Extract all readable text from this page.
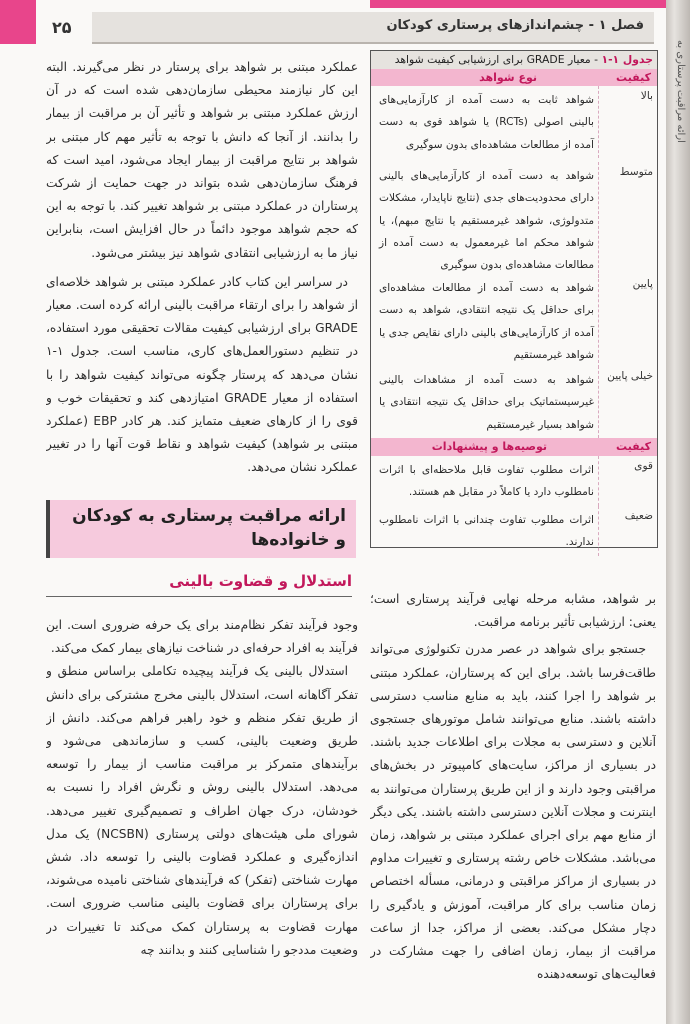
۲۵	فصل ۱ - چشم‌اندازهای پرستاری کودکان

عملکرد مبتنی بر شواهد برای پرستار در نظر می‌گیرند. البته این کار نیازمند محیطی سازمان‌دهی شده است که در آن ارزش عملکرد مبتنی بر شواهد و تأثیر آن بر مراقبت از بیمار را بدانند. از آنجا که دانش با توجه به تأثیر مهم کار مبتنی بر شواهد بر نتایج مراقبت از بیمار ایجاد می‌شود، امید است که فرهنگ سازمان‌دهی شده بتواند در جهت حمایت از شرکت پرستاران در عملکرد مبتنی بر شواهد تغییر کند. با توجه به این که حجم شواهد موجود دائماً در حال افزایش است، بنابراین نیاز ما به ارزشیابی انتقادی شواهد نیز بیشتر می‌شود.

در سراسر این کتاب کادر عملکرد مبتنی بر شواهد خلاصه‌ای از شواهد را برای ارتقاء مراقبت بالینی ارائه کرده است. معیار GRADE برای ارزشیابی کیفیت مقالات تحقیقی مورد استفاده، در تنظیم دستورالعمل‌های کاری، مناسب است. جدول ۱-۱ نشان می‌دهد که پرستار چگونه می‌تواند کیفیت شواهد را با استفاده از معیار GRADE امتیازدهی کند و تحقیقات خوب و قوی را از کارهای ضعیف متمایز کند. هر کادر EBP (عملکرد مبتنی بر شواهد) کیفیت شواهد و نقاط قوت آنها را در تغییر عملکرد نشان می‌دهد.

جدول ۱-۱ - معیار GRADE برای ارزشیابی کیفیت شواهد
کیفیت
نوع شواهد
بالا
شواهد ثابت به دست آمده از کارآزمایی‌های بالینی اصولی (RCTs) یا شواهد قوی به دست آمده از مطالعات مشاهده‌ای بدون سوگیری
متوسط
شواهد به دست آمده از کارآزمایی‌های بالینی دارای محدودیت‌های جدی (نتایج ناپایدار، مشکلات متدولوژی، شواهد غیرمستقیم یا نتایج مبهم)، یا شواهد محکم اما غیرمعمول به دست آمده از مطالعات مشاهده‌ای بدون سوگیری
پایین
شواهد به دست آمده از مطالعات مشاهده‌ای برای حداقل یک نتیجه انتقادی، شواهد به دست آمده از کارآزمایی‌های بالینی دارای نقایص جدی یا شواهد غیرمستقیم
خیلی پایین
شواهد به دست آمده از مشاهدات بالینی غیرسیستماتیک برای حداقل یک نتیجه انتقادی یا شواهد بسیار غیرمستقیم
کیفیت
توصیه‌ها و پیشنهادات
قوی
اثرات مطلوب تفاوت قابل ملاحظه‌ای با اثرات نامطلوب دارد یا کاملاً در مقابل هم هستند.
ضعیف
اثرات مطلوب تفاوت چندانی با اثرات نامطلوب ندارند.
ارائه مراقبت پرستاری به کودکان و خانواده‌ها
استدلال و قضاوت بالینی

وجود فرآیند تفکر نظام‌مند برای یک حرفه ضروری است. این فرآیند به افراد حرفه‌ای در شناخت نیازهای بیمار کمک می‌کند.

استدلال بالینی یک فرآیند پیچیده تکاملی براساس منطق و تفکر آگاهانه است، استدلال بالینی مخرج مشترکی برای دانش از طریق تفکر منظم و خود راهبر فراهم می‌کند. دانش از طریق وضعیت بالینی، کسب و سازماندهی می‌شود و برآیندهای متمرکز بر مراقبت مناسب از بیمار را توسعه می‌دهد. استدلال بالینی روش و نگرش افراد را نسبت به خودشان، درک جهان اطراف و تصمیم‌گیری تغییر می‌دهد. شورای ملی هیئت‌های دولتی پرستاری (NCSBN) یک مدل اندازه‌گیری و عملکرد قضاوت بالینی را توسعه داد. شش مهارت شناختی (تفکر) که فرآیندهای شناختی نامیده می‌شوند، برای پرستاران برای قضاوت بالینی مناسب ضروری است. مهارت قضاوت به پرستاران کمک می‌کند تا تغییرات در وضعیت مددجو را شناسایی کنند و بدانند چه

بر شواهد، مشابه مرحله نهایی فرآیند پرستاری است؛ یعنی: ارزشیابی تأثیر برنامه مراقبت.

جستجو برای شواهد در عصر مدرن تکنولوژی می‌تواند طاقت‌فرسا باشد. برای این که پرستاران، عملکرد مبتنی بر شواهد را اجرا کنند، باید به منابع مناسب دسترسی داشته باشند. منابع می‌توانند شامل موتورهای جستجوی آنلاین و دسترسی به مجلات برای اطلاعات جدید باشند. در بسیاری از مراکز، سایت‌های کامپیوتر در بخش‌های مراقبتی وجود دارند و از این طریق پرستاران می‌توانند به اینترنت و مجلات آنلاین دسترسی داشته باشند. یکی دیگر از منابع مهم برای اجرای عملکرد مبتنی بر شواهد، زمان می‌باشد. مشکلات خاص رشته پرستاری و تغییرات مداوم در بسیاری از مراکز مراقبتی و درمانی، مسأله اختصاص زمان مناسب برای کار مراقبت، آموزش و یادگیری را دچار مشکل می‌کند. بعضی از مراکز، جدا از ساعت مراقبت از بیمار، زمان اضافی را جهت مشارکت در فعالیت‌های توسعه‌دهنده

ارائه مراقبت پرستاری به
